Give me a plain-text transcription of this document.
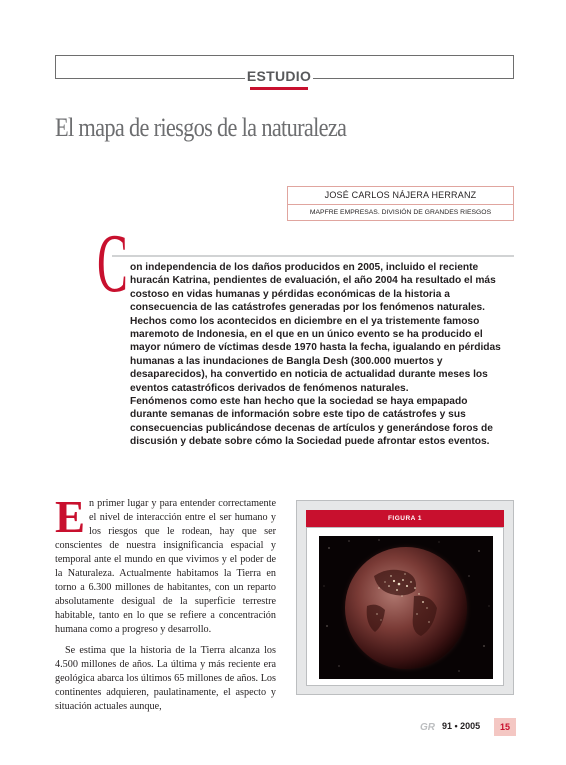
ESTUDIO
El mapa de riesgos de la naturaleza
JOSÉ CARLOS NÁJERA HERRANZ
MAPFRE EMPRESAS. DIVISIÓN DE GRANDES RIESGOS
C on independencia de los daños producidos en 2005, incluido el reciente huracán Katrina, pendientes de evaluación, el año 2004 ha resultado el más costoso en vidas humanas y pérdidas económicas de la historia a consecuencia de las catástrofes generadas por los fenómenos naturales. Hechos como los acontecidos en diciembre en el ya tristemente famoso maremoto de Indonesia, en el que en un único evento se ha producido el mayor número de víctimas desde 1970 hasta la fecha, igualando en pérdidas humanas a las inundaciones de Bangla Desh (300.000 muertos y desaparecidos), ha convertido en noticia de actualidad durante meses los eventos catastróficos derivados de fenómenos naturales.

Fenómenos como este han hecho que la sociedad se haya empapado durante semanas de información sobre este tipo de catástrofes y sus consecuencias publicándose decenas de artículos y generándose foros de discusión y debate sobre cómo la Sociedad puede afrontar estos eventos.

En primer lugar y para entender correctamente el nivel de interacción entre el ser humano y los riesgos que le rodean, hay que ser conscientes de nuestra insignificancia espacial y temporal ante el mundo en que vivimos y el poder de la Naturaleza. Actualmente habitamos la Tierra en torno a 6.300 millones de habitantes, con un reparto absolutamente desigual de la superficie terrestre habitable, tanto en lo que se refiere a concentración humana como a progreso y desarrollo.

Se estima que la historia de la Tierra alcanza los 4.500 millones de años. La última y más reciente era geológica abarca los últimos 65 millones de años. Los continentes adquieren, paulatinamente, el aspecto y situación actuales aunque,

FIGURA 1
GR 91 • 2005	15
